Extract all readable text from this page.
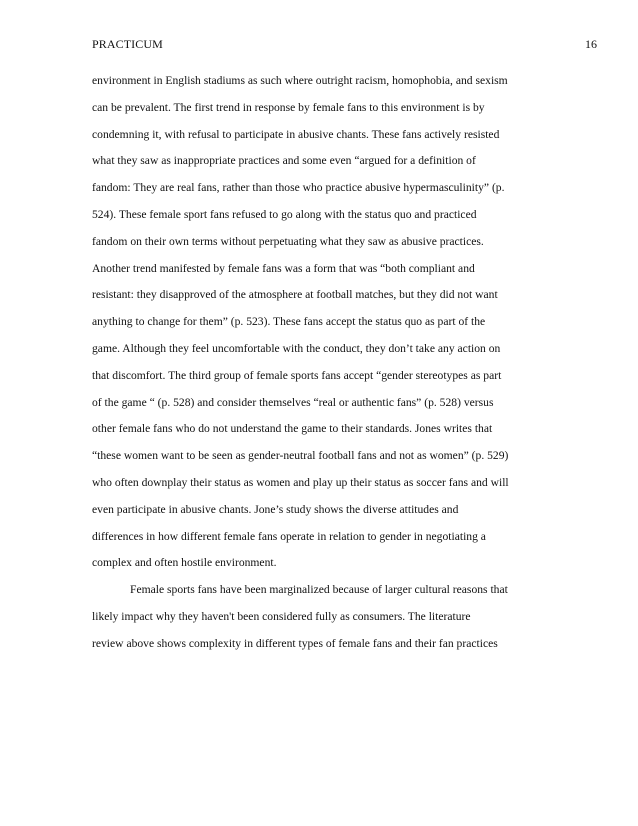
PRACTICUM	16
environment in English stadiums as such where outright racism, homophobia, and sexism
can be prevalent. The first trend in response by female fans to this environment is by
condemning it, with refusal to participate in abusive chants. These fans actively resisted
what they saw as inappropriate practices and some even “argued for a definition of
fandom: They are real fans, rather than those who practice abusive hypermasculinity” (p.
524). These female sport fans refused to go along with the status quo and practiced
fandom on their own terms without perpetuating what they saw as abusive practices.
Another trend manifested by female fans was a form that was “both compliant and
resistant: they disapproved of the atmosphere at football matches, but they did not want
anything to change for them” (p. 523). These fans accept the status quo as part of the
game. Although they feel uncomfortable with the conduct, they don’t take any action on
that discomfort. The third group of female sports fans accept “gender stereotypes as part
of the game “ (p. 528) and consider themselves “real or authentic fans” (p. 528) versus
other female fans who do not understand the game to their standards. Jones writes that
“these women want to be seen as gender-neutral football fans and not as women” (p. 529)
who often downplay their status as women and play up their status as soccer fans and will
even participate in abusive chants. Jone’s study shows the diverse attitudes and
differences in how different female fans operate in relation to gender in negotiating a
complex and often hostile environment.
Female sports fans have been marginalized because of larger cultural reasons that
likely impact why they haven't been considered fully as consumers. The literature
review above shows complexity in different types of female fans and their fan practices
